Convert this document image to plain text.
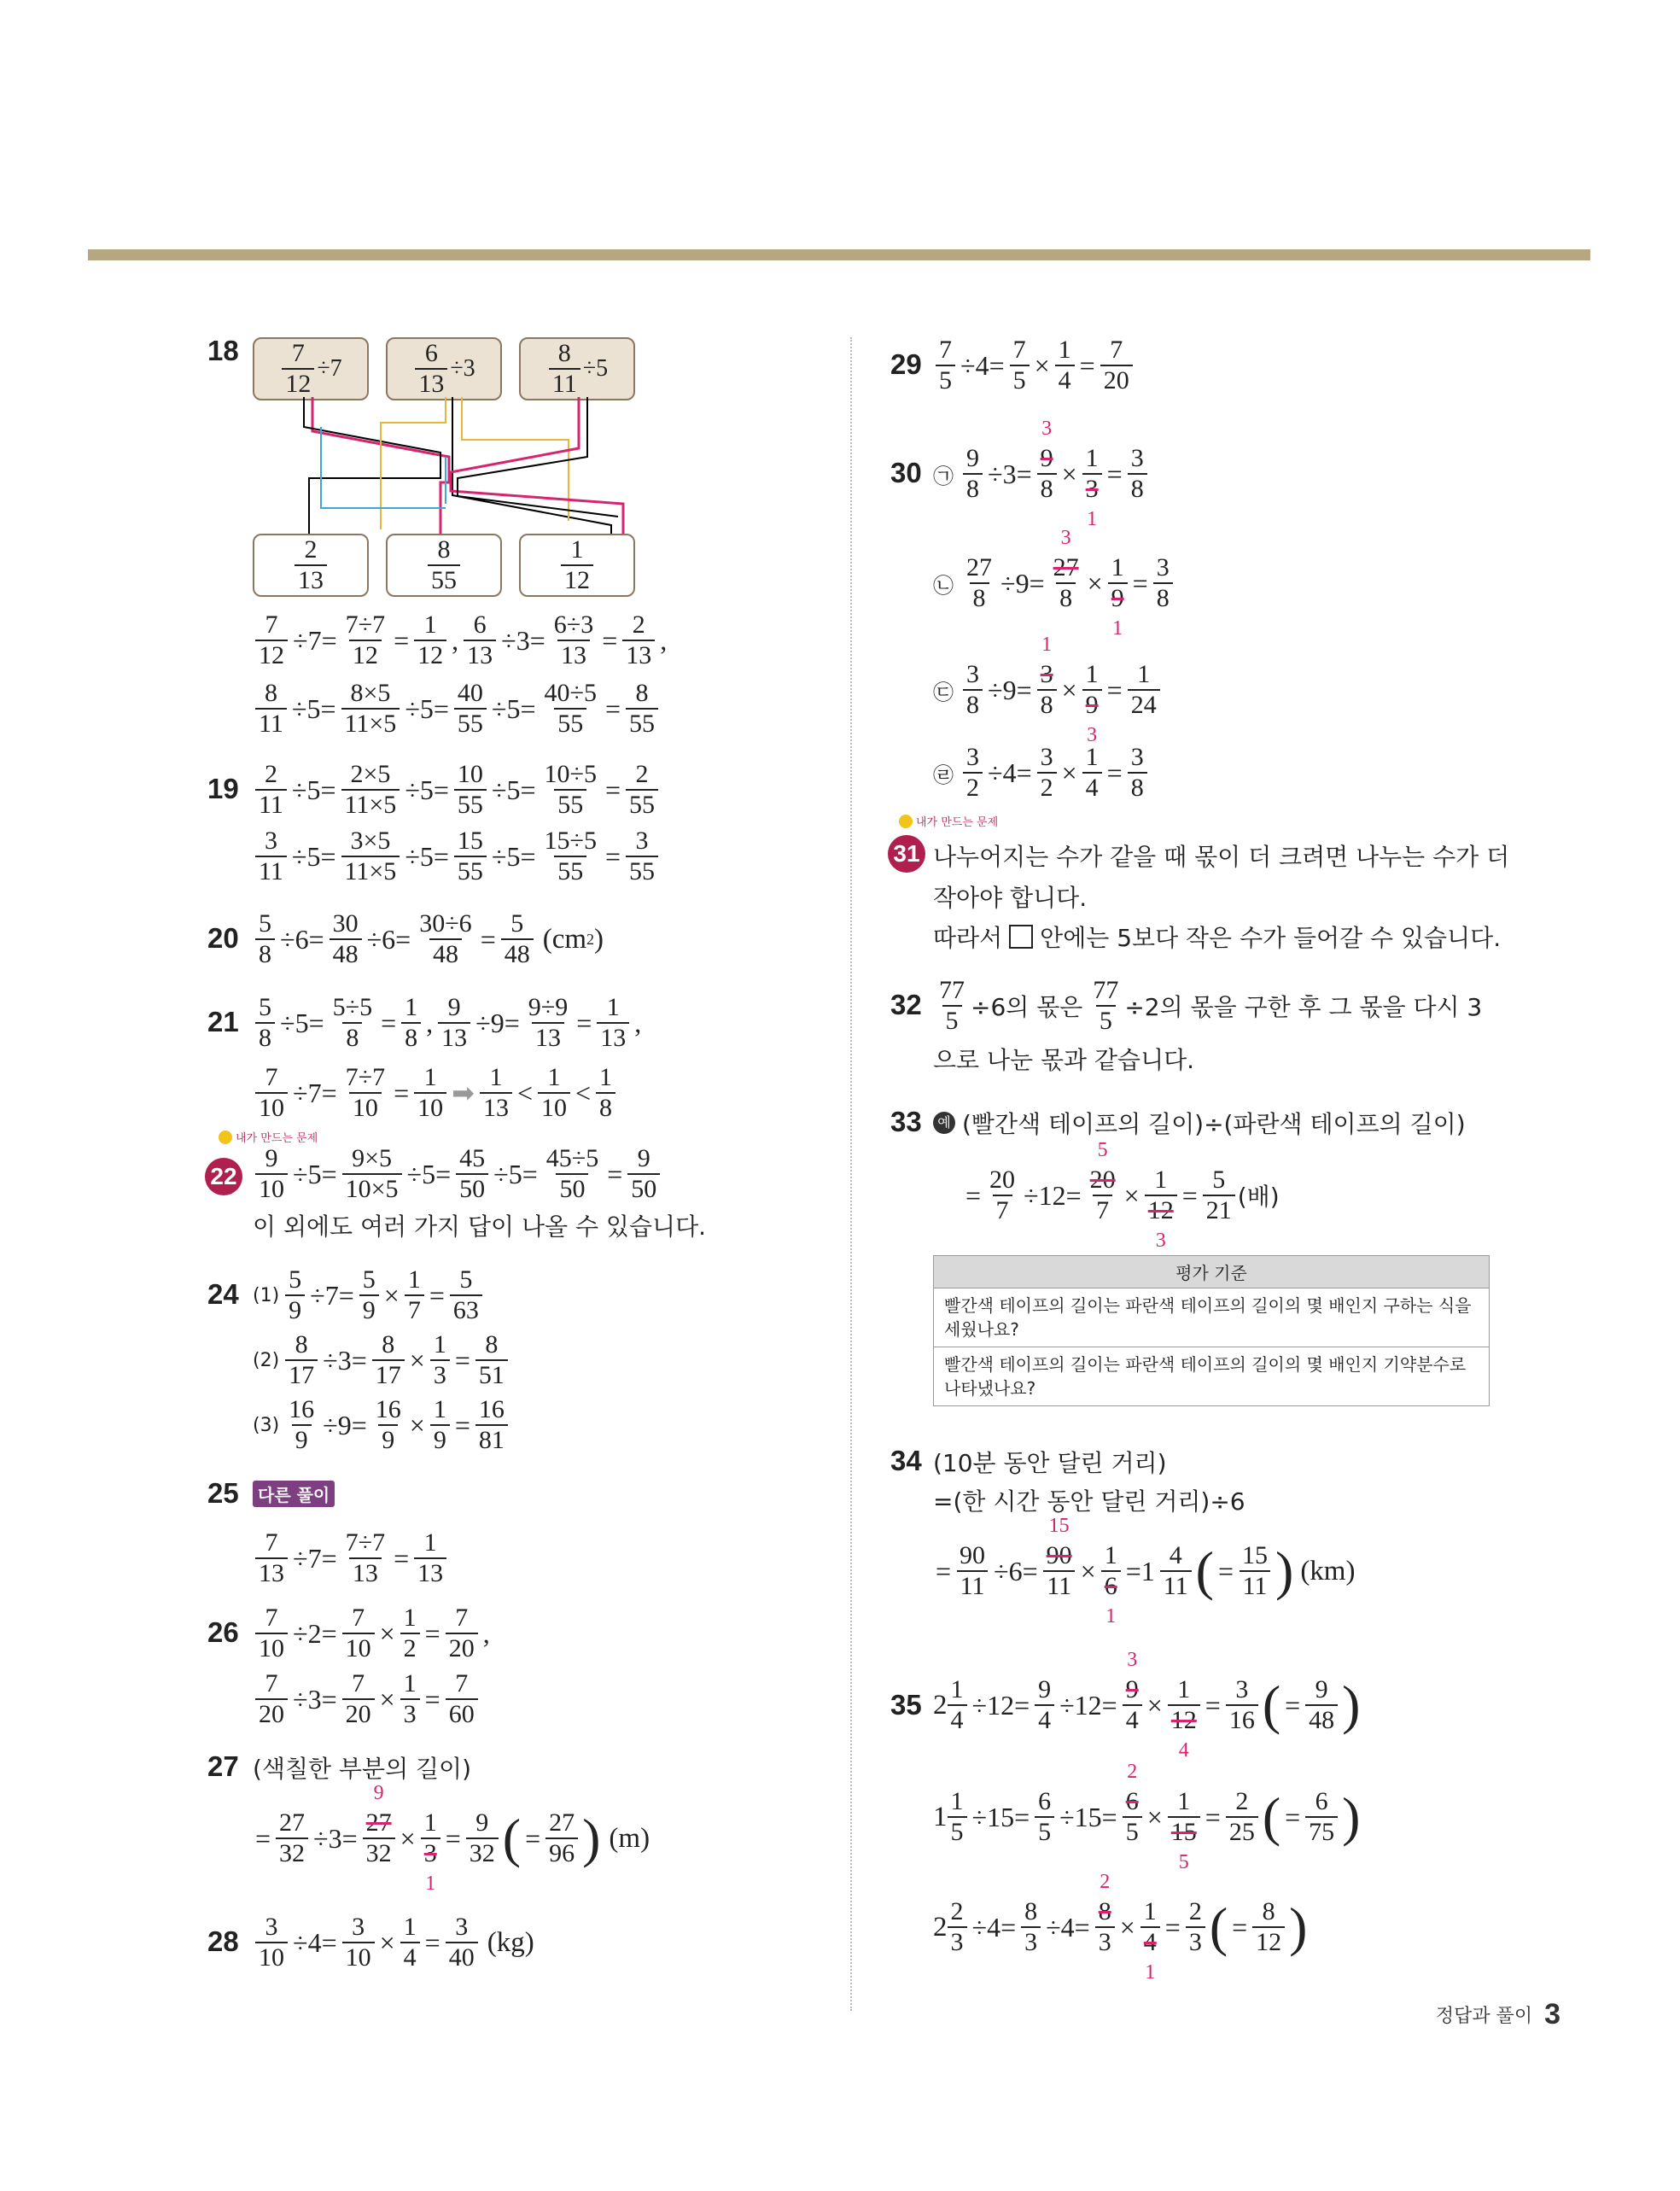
$18 \frac{7}{12} \div 7$	$\frac{6}{13} \div 3$	$\frac{8}{11} \div 5$
$\frac{2}{13}$	$\frac{8}{55}$	$\frac{1}{12}$
$\frac{7}{12} \div 7= \frac{7\div 7}{12} = \frac{1}{12}$ , $\frac{6}{13} \div 3= \frac{6\div 3}{13} = \frac{2}{13}$ ,
$\frac{8}{11} \div 5= \frac{8\times 5}{11\times 5} \div 5= \frac{40}{55} \div 5= \frac{40\div 5}{55} = \frac{8}{55}$
$19 \frac{2}{11} \div 5= \frac{2\times 5}{11\times 5} \div 5= \frac{10}{55} \div 5= \frac{10\div 5}{55} = \frac{2}{55}$
$\frac{3}{11} \div 5= \frac{3\times 5}{11\times 5} \div 5= \frac{15}{55} \div 5= \frac{15\div 5}{55} = \frac{3}{55}$
$20 \frac{5}{8} \div 6= \frac{30}{48} \div 6= \frac{30\div 6}{48} = \frac{5}{48} (cm$ 2 )
$21 \frac{5}{8} \div 5= \frac{5\div 5}{8} = \frac{1}{8}$ , $\frac{9}{13} \div 9= \frac{9\div 9}{13} = \frac{1}{13}$ ,
$\frac{7}{10} \div 7= \frac{7\div 7}{10} = \frac{1}{10}$ ➡ $\frac{1}{13} < \frac{1}{10} < \frac{1}{8}$
내가 만드는 문제
$22 \frac{9}{10} \div 5= \frac{9\times 5}{10\times 5} \div 5= \frac{45}{50} \div 5= \frac{45\div 5}{50} = \frac{9}{50}$
이 외에도 여러 가지 답이 나올 수 있습니다.
24 $(1) \frac{5}{9} \div 7= \frac{5}{9} \times \frac{1}{7} = \frac{5}{63}$
$(2) \frac{8}{17} \div 3= \frac{8}{17} \times \frac{1}{3} = \frac{8}{51}$
$(3) \frac{16}{9} \div 9= \frac{16}{9} \times \frac{1}{9} = \frac{16}{81}$
25	다른 풀이
$\frac{7}{13} \div 7= \frac{7\div 7}{13} = \frac{1}{13}$
$26 \frac{7}{10} \div 2= \frac{7}{10} \times \frac{1}{2} = \frac{7}{20}$ ,
$\frac{7}{20} \div 3= \frac{7}{20} \times \frac{1}{3} = \frac{7}{60}$
27 (색칠한 부분의 길이)
= $\frac{27}{32} \div 3= 27$
9
32 × 1
3
$1 = \frac{9}{32}$ ( = $\frac{27}{96}$ ) (m)
$28 \frac{3}{10} \div 4= \frac{3}{10} \times \frac{1}{4} = \frac{3}{40} (kg)$
$29 \frac{7}{5} \div 4= \frac{7}{5} \times \frac{1}{4} = \frac{7}{20}$
30 ㉠ $\frac{9}{8} \div 3= 9$
3
8 × 1
3
$1 = \frac{3}{8}$
㉡ $\frac{27}{8} \div 9= 27$
3
8 × 1
9
$1 = \frac{3}{8}$
㉢ $\frac{3}{8} \div 9= 3$
1
8 × 1
9
$3 = \frac{1}{24}$
㉣ $\frac{3}{2} \div 4= \frac{3}{2} \times \frac{1}{4} = \frac{3}{8}$
내가 만드는 문제
31 나누어지는 수가 같을 때 몫이 더 크려면 나누는 수가 더
작아야 합니다.
따라서 안에는 5보다 작은 수가 들어갈 수 있습니다.
$32 \frac{77}{5} \div 6$의 몫은 $\frac{77}{5} \div 2$의 몫을 구한 후 그 몫을 다시 3
으로 나눈 몫과 같습니다.
33	예 (빨간색 테이프의 길이)÷(파란색 테이프의 길이)
= $\frac{20}{7} \div 12= 20$
5
7 × 1
12
$3 = \frac{5}{21}$ (배)
평가 기준
빨간색 테이프의 길이는 파란색 테이프의 길이의 몇 배인지 구하는 식을 세웠나요?
빨간색 테이프의 길이는 파란색 테이프의 길이의 몇 배인지 기약분수로 나타냈나요?
34 (10분 동안 달린 거리)
=(한 시간 동안 달린 거리)÷6
= $\frac{90}{11} \div 6= 90$
15
11 × 1
6
$1 =1 \frac{4}{11}$ ( = $\frac{15}{11}$ ) (km)
35 $2 \frac{1}{4} \div 12= \frac{9}{4} \div 12= 9$
3
4 × 1
12
$4 = \frac{3}{16}$ ( = $\frac{9}{48}$ )
$1 \frac{1}{5} \div 15= \frac{6}{5} \div 15= 6$
2
5 × 1
15
$5 = \frac{2}{25}$ ( = $\frac{6}{75}$ )
$2 \frac{2}{3} \div 4= \frac{8}{3} \div 4= 8$
2
3 × 1
4
$1 = \frac{2}{3}$ ( = $\frac{8}{12}$ )
정답과 풀이 3
